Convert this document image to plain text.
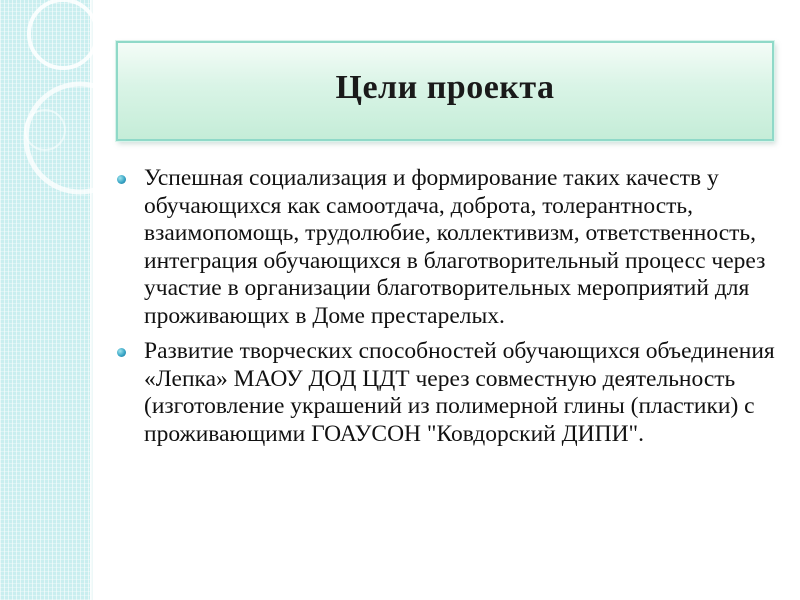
Цели проекта
Успешная социализация и формирование таких качеств у обучающихся как самоотдача, доброта, толерантность, взаимопомощь, трудолюбие, коллективизм, ответственность, интеграция обучающихся в благотворительный процесс через участие в организации благотворительных мероприятий для проживающих в Доме престарелых.
Развитие творческих способностей обучающихся объединения «Лепка» МАОУ ДОД ЦДТ через совместную деятельность (изготовление украшений из полимерной глины (пластики) с проживающими ГОАУСОН "Ковдорский ДИПИ".
